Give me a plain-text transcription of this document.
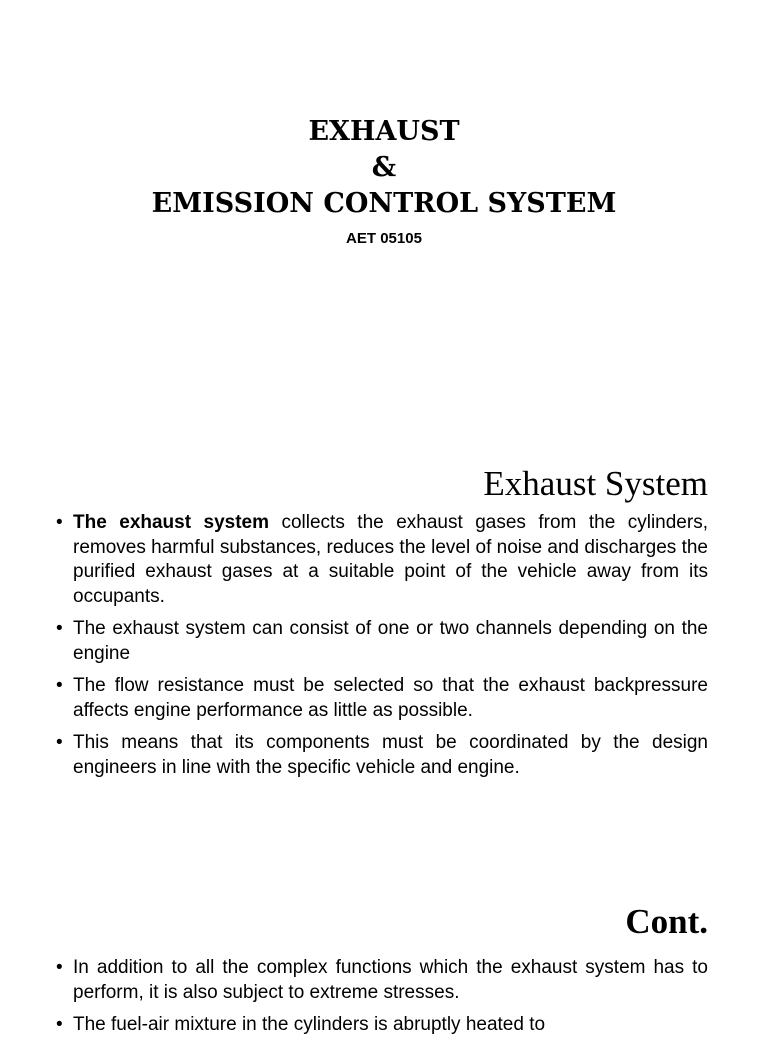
EXHAUST
&
EMISSION CONTROL SYSTEM

AET 05105

Exhaust System
• The exhaust system collects the exhaust gases from the cylinders, removes harmful substances, reduces the level of noise and discharges the purified exhaust gases at a suitable point of the vehicle away from its occupants.
• The exhaust system can consist of one or two channels depending on the engine
• The flow resistance must be selected so that the exhaust backpressure affects engine performance as little as possible.
• This means that its components must be coordinated by the design engineers in line with the specific vehicle and engine.
Cont.
• In addition to all the complex functions which the exhaust system has to perform, it is also subject to extreme stresses.
• The fuel-air mixture in the cylinders is abruptly heated to
